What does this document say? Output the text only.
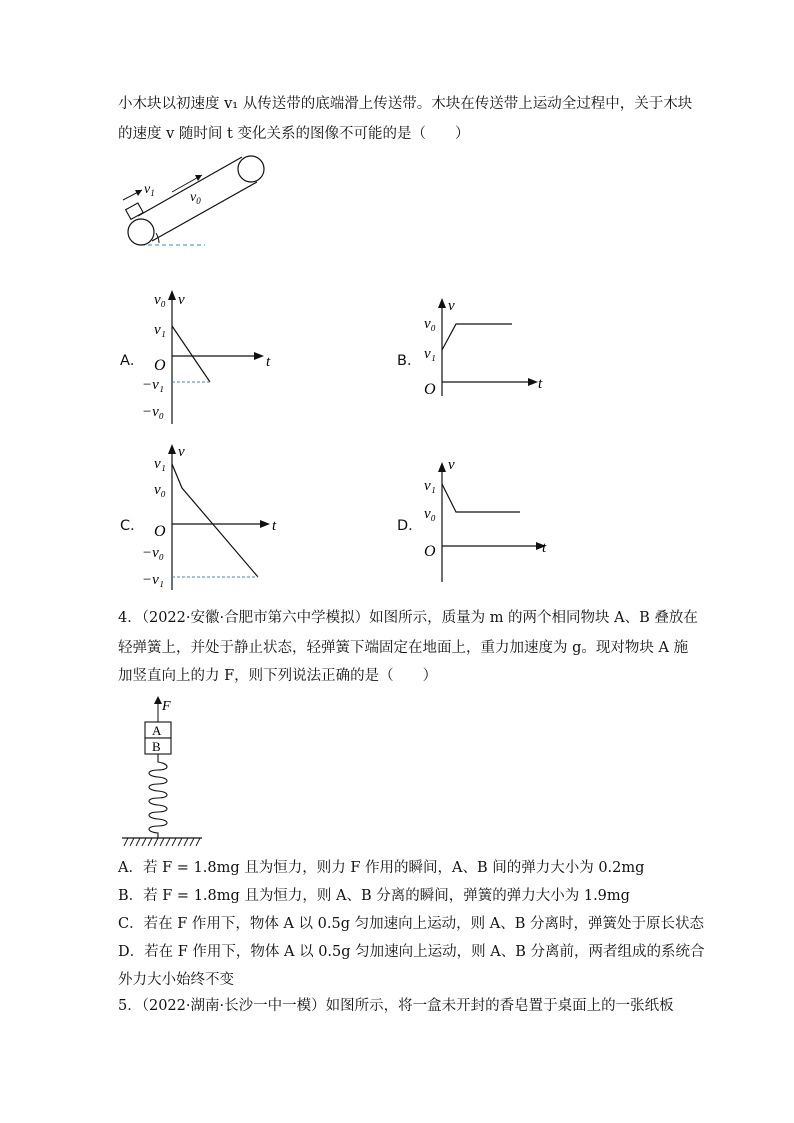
小木块以初速度 v₁ 从传送带的底端滑上传送带。木块在传送带上运动全过程中，关于木块
的速度 v 随时间 t 变化关系的图像不可能的是（　　）
$v_1$	$v_0$
A．
v₀ v
v₁
O	t
−v₁
−v₀
B．
v
v₀
v₁
O	t
C．
v
v₁
v₀
O	t
−v₀
−v₁
D．
v
v₁
v₀
O	t
4．（2022·安徽·合肥市第六中学模拟）如图所示，质量为 m 的两个相同物块 A、B 叠放在
轻弹簧上，并处于静止状态，轻弹簧下端固定在地面上，重力加速度为 g。现对物块 A 施
加竖直向上的力 F，则下列说法正确的是（　　）
F
A
B
A．若 F = 1.8mg 且为恒力，则力 F 作用的瞬间，A、B 间的弹力大小为 0.2mg
B．若 F = 1.8mg 且为恒力，则 A、B 分离的瞬间，弹簧的弹力大小为 1.9mg
C．若在 F 作用下，物体 A 以 0.5g 匀加速向上运动，则 A、B 分离时，弹簧处于原长状态
D．若在 F 作用下，物体 A 以 0.5g 匀加速向上运动，则 A、B 分离前，两者组成的系统合
外力大小始终不变
5．（2022·湖南·长沙一中一模）如图所示，将一盒未开封的香皂置于桌面上的一张纸板
